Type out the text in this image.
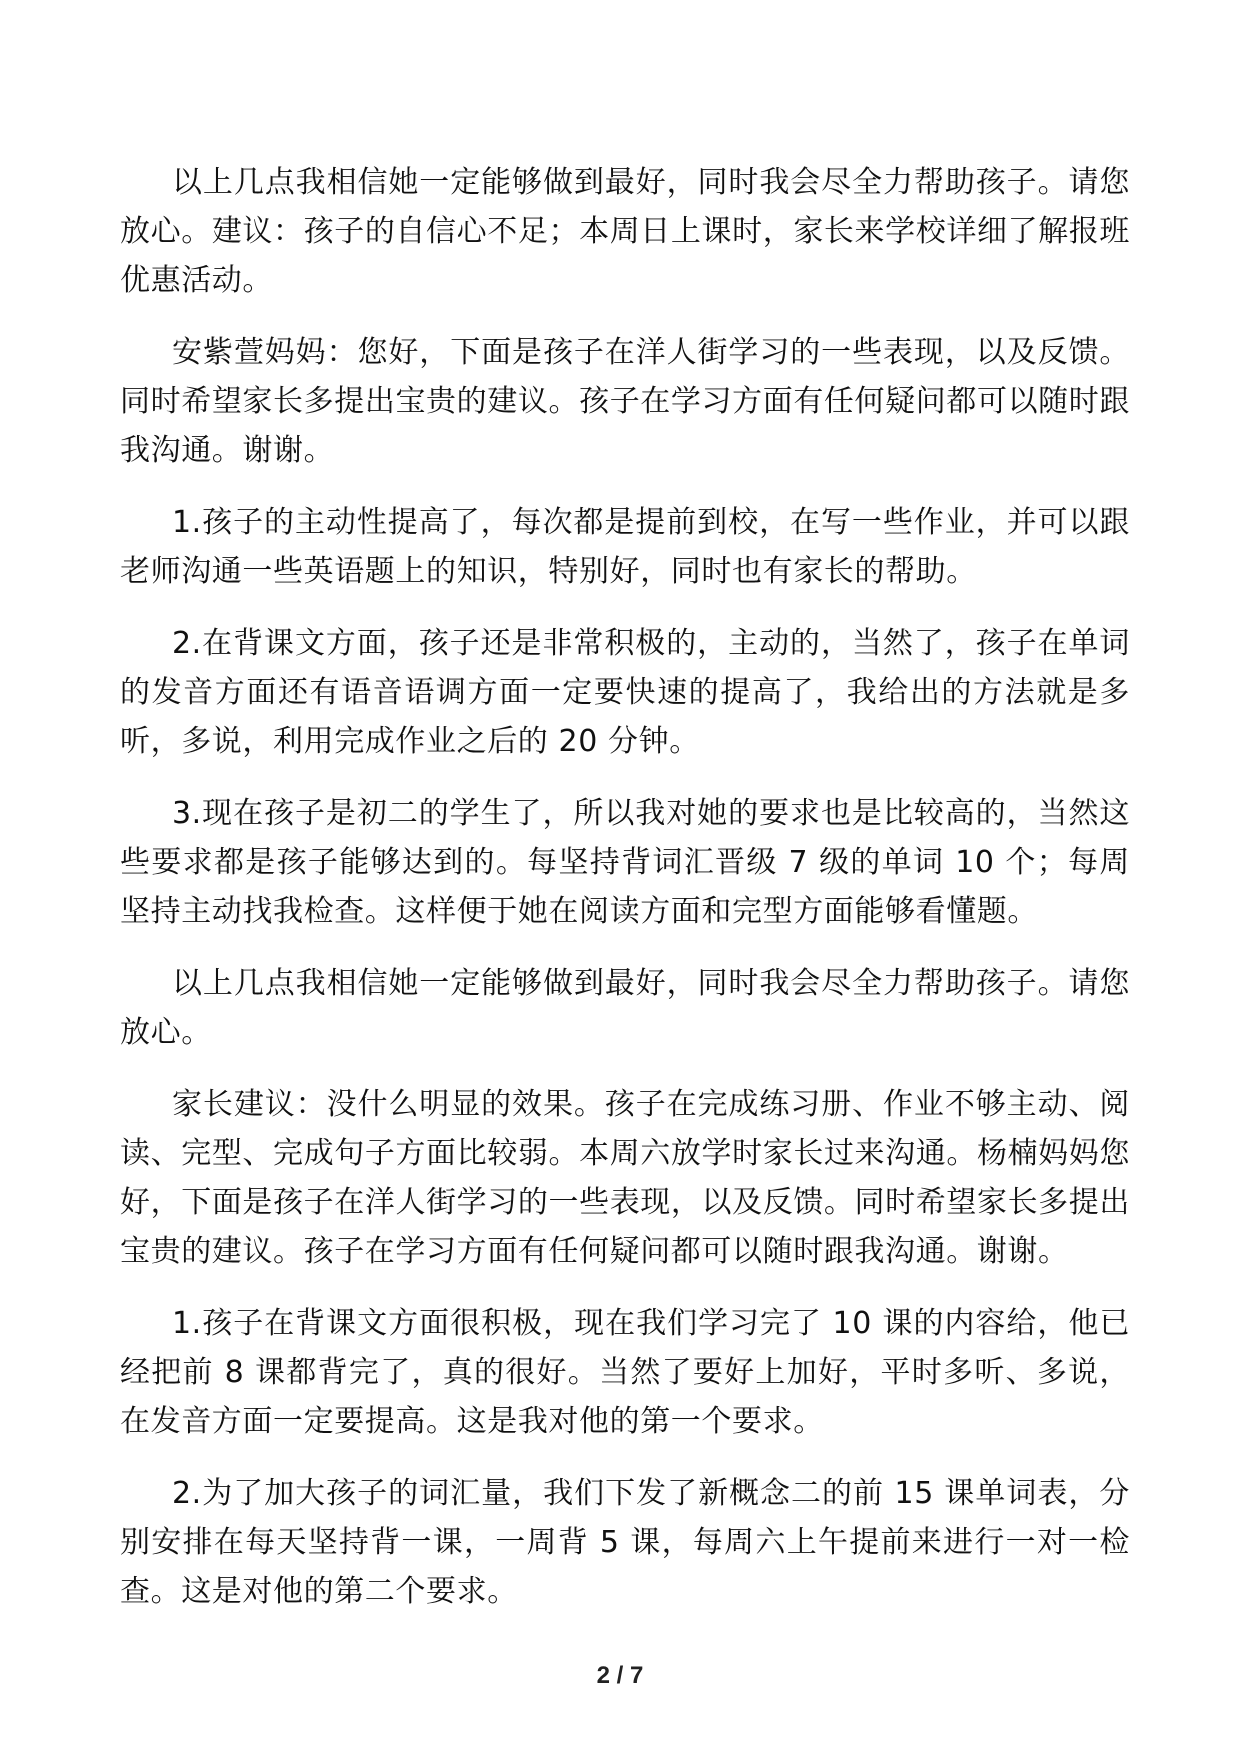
以上几点我相信她一定能够做到最好，同时我会尽全力帮助孩子。请您放心。建议：孩子的自信心不足；本周日上课时，家长来学校详细了解报班优惠活动。

安紫萱妈妈：您好，下面是孩子在洋人街学习的一些表现，以及反馈。同时希望家长多提出宝贵的建议。孩子在学习方面有任何疑问都可以随时跟我沟通。谢谢。

1.孩子的主动性提高了，每次都是提前到校，在写一些作业，并可以跟老师沟通一些英语题上的知识，特别好，同时也有家长的帮助。

2.在背课文方面，孩子还是非常积极的，主动的，当然了，孩子在单词的发音方面还有语音语调方面一定要快速的提高了，我给出的方法就是多听，多说，利用完成作业之后的 20 分钟。

3.现在孩子是初二的学生了，所以我对她的要求也是比较高的，当然这些要求都是孩子能够达到的。每坚持背词汇晋级 7 级的单词 10 个；每周坚持主动找我检查。这样便于她在阅读方面和完型方面能够看懂题。

以上几点我相信她一定能够做到最好，同时我会尽全力帮助孩子。请您放心。

家长建议：没什么明显的效果。孩子在完成练习册、作业不够主动、阅读、完型、完成句子方面比较弱。本周六放学时家长过来沟通。杨楠妈妈您好，下面是孩子在洋人街学习的一些表现，以及反馈。同时希望家长多提出宝贵的建议。孩子在学习方面有任何疑问都可以随时跟我沟通。谢谢。

1.孩子在背课文方面很积极，现在我们学习完了 10 课的内容给，他已经把前 8 课都背完了，真的很好。当然了要好上加好，平时多听、多说，在发音方面一定要提高。这是我对他的第一个要求。

2.为了加大孩子的词汇量，我们下发了新概念二的前 15 课单词表，分别安排在每天坚持背一课，一周背 5 课，每周六上午提前来进行一对一检查。这是对他的第二个要求。

2 / 7
